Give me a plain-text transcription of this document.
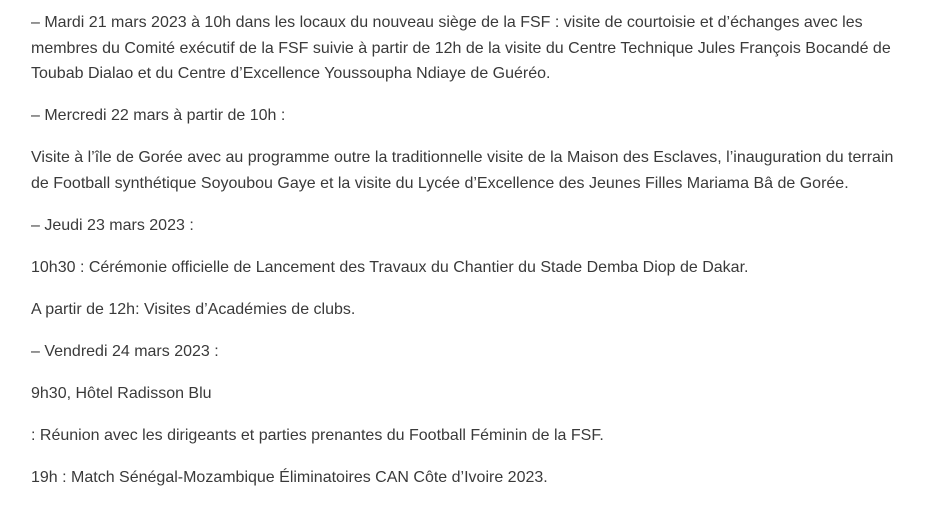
– Mardi 21 mars 2023 à 10h dans les locaux du nouveau siège de la FSF : visite de courtoisie et d’échanges avec les membres du Comité exécutif de la FSF suivie à partir de 12h de la visite du Centre Technique Jules François Bocandé de Toubab Dialao et du Centre d’Excellence Youssoupha Ndiaye de Guéréo.

– Mercredi 22 mars à partir de 10h :

Visite à l’île de Gorée avec au programme outre la traditionnelle visite de la Maison des Esclaves, l’inauguration du terrain de Football synthétique Soyoubou Gaye et la visite du Lycée d’Excellence des Jeunes Filles Mariama Bâ de Gorée.

– Jeudi 23 mars 2023 :

10h30 : Cérémonie officielle de Lancement des Travaux du Chantier du Stade Demba Diop de Dakar.

A partir de 12h: Visites d’Académies de clubs.

– Vendredi 24 mars 2023 :

9h30, Hôtel Radisson Blu

: Réunion avec les dirigeants et parties prenantes du Football Féminin de la FSF.

19h : Match Sénégal-Mozambique Éliminatoires CAN Côte d’Ivoire 2023.
